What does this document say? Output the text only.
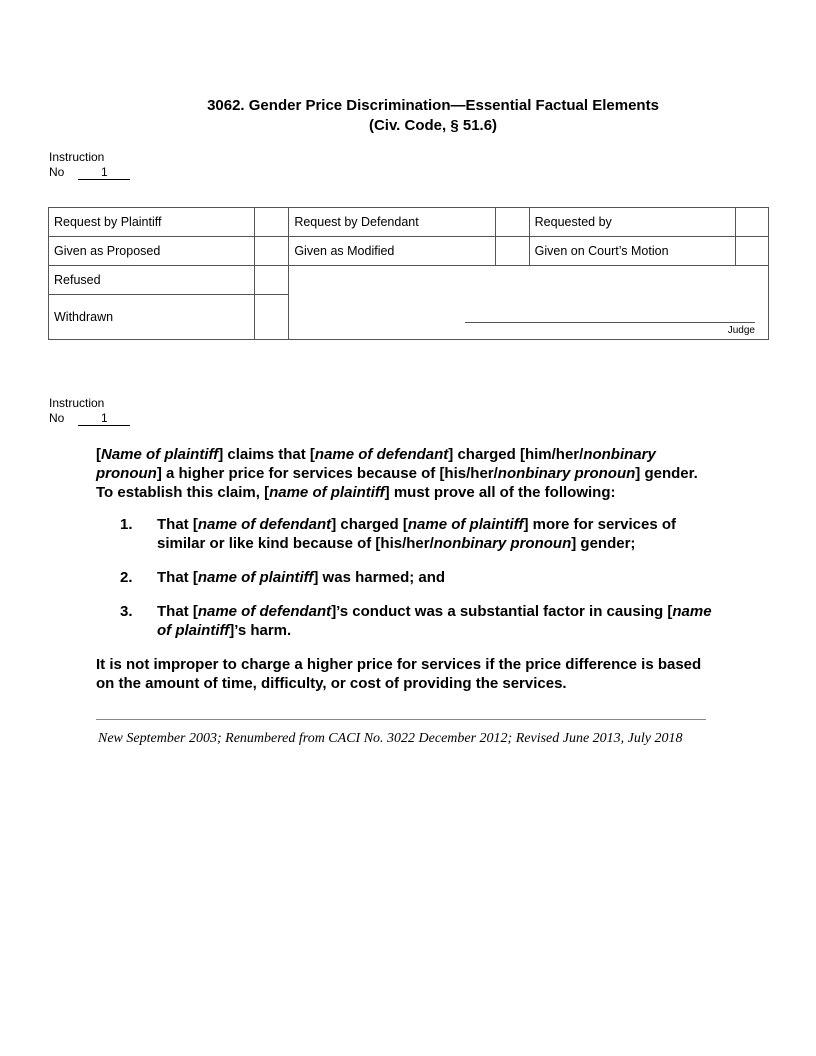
3062. Gender Price Discrimination—Essential Factual Elements
(Civ. Code, § 51.6)
Instruction
No	1
Request by Plaintiff		Request by Defendant		Requested by	
Given as Proposed		Given as Modified		Given on Court’s Motion	
Refused		Judge			

Withdrawn					
Instruction
No	1
[Name of plaintiff] claims that [name of defendant] charged [him/her/nonbinary pronoun] a higher price for services because of [his/her/nonbinary pronoun] gender. To establish this claim, [name of plaintiff] must prove all of the following:
1. That [name of defendant] charged [name of plaintiff] more for services of similar or like kind because of [his/her/nonbinary pronoun] gender;
2. That [name of plaintiff] was harmed; and
3. That [name of defendant]’s conduct was a substantial factor in causing [name of plaintiff]’s harm.
It is not improper to charge a higher price for services if the price difference is based on the amount of time, difficulty, or cost of providing the services.
New September 2003; Renumbered from CACI No. 3022 December 2012; Revised June 2013, July 2018
